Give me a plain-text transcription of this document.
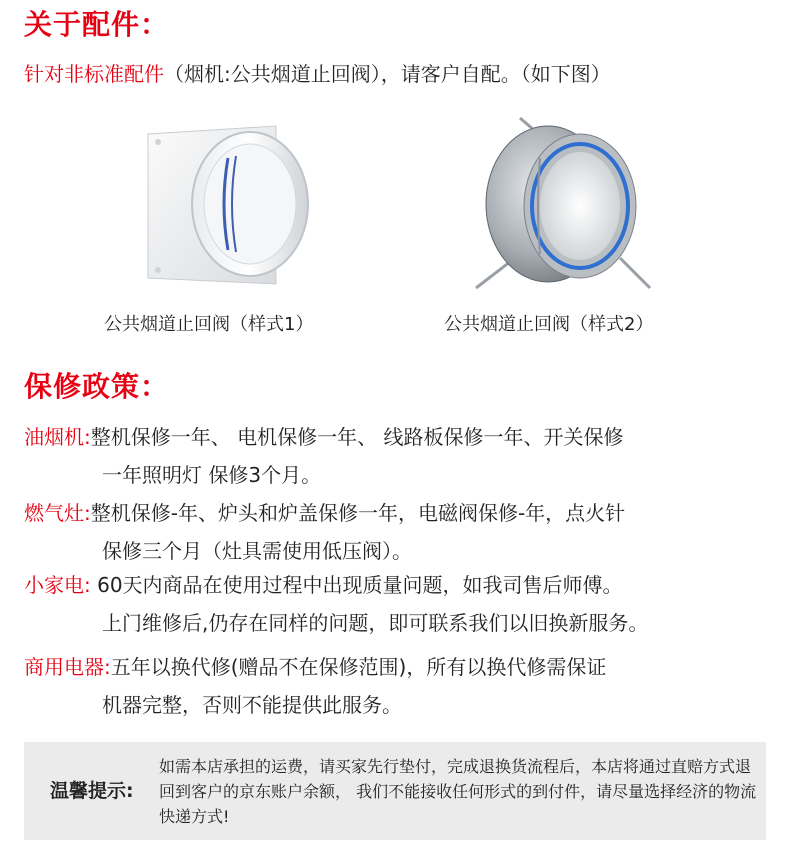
关于配件：
针对非标准配件（烟机:公共烟道止回阀），请客户自配。（如下图）
公共烟道止回阀（样式1）	公共烟道止回阀（样式2）
保修政策：
油烟机:整机保修一年、 电机保修一年、 线路板保修一年、开关保修
一年照明灯 保修3个月。
燃气灶:整机保修-年、炉头和炉盖保修一年，电磁阀保修-年，点火针
保修三个月（灶具需使用低压阀）。
小家电: 60天内商品在使用过程中出现质量问题，如我司售后师傅。
上门维修后,仍存在同样的问题，即可联系我们以旧换新服务。
商用电器:五年以换代修(赠品不在保修范围)，所有以换代修需保证
机器完整，否则不能提供此服务。
温馨提示:
如需本店承担的运费，请买家先行垫付，完成退换货流程后，本店将通过直赔方式退回到客户的京东账户余额， 我们不能接收任何形式的到付件，请尽量选择经济的物流快递方式!
